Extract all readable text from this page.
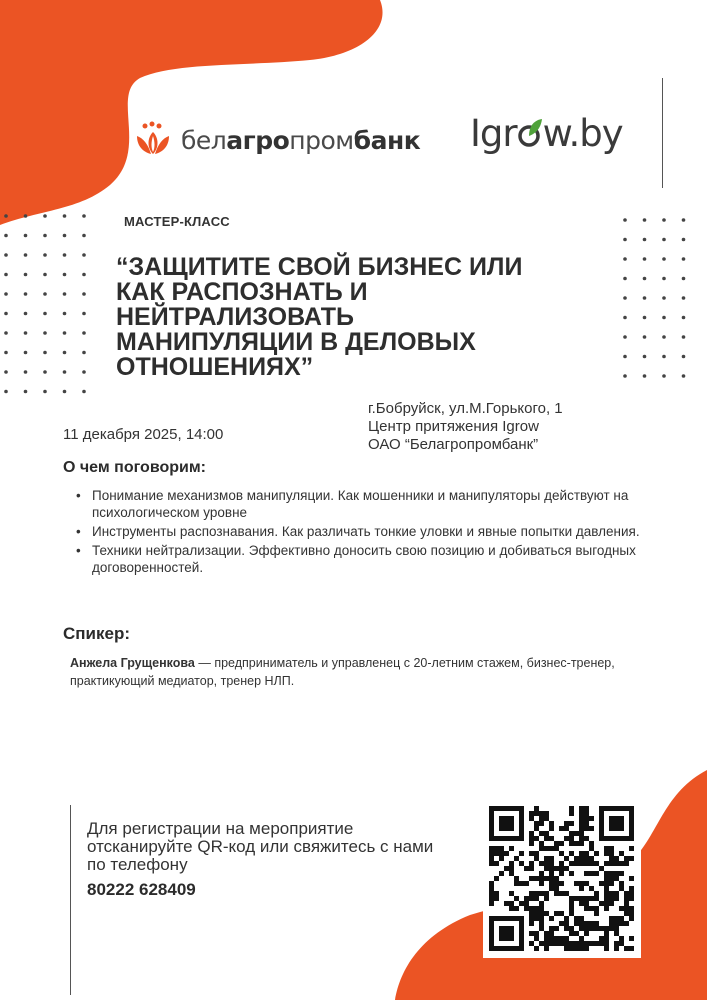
белагропромбанк Igr w.by
МАСТЕР-КЛАСС
“ЗАЩИТИТЕ СВОЙ БИЗНЕС ИЛИ КАК РАСПОЗНАТЬ И НЕЙТРАЛИЗОВАТЬ МАНИПУЛЯЦИИ В ДЕЛОВЫХ ОТНОШЕНИЯХ”
11 декабря 2025, 14:00
г.Бобруйск, ул.М.Горького, 1
Центр притяжения Igrow
ОАО “Белагропромбанк”
О чем поговорим:
• Понимание механизмов манипуляции. Как мошенники и манипуляторы действуют на психологическом уровне
• Инструменты распознавания. Как различать тонкие уловки и явные попытки давления.
• Техники нейтрализации. Эффективно доносить свою позицию и добиваться выгодных договоренностей.
Спикер:
Анжела Грущенкова — предприниматель и управленец с 20-летним стажем, бизнес-тренер, практикующий медиатор, тренер НЛП.
Для регистрации на мероприятие отсканируйте QR-код или свяжитесь с нами по телефону
80222 628409
